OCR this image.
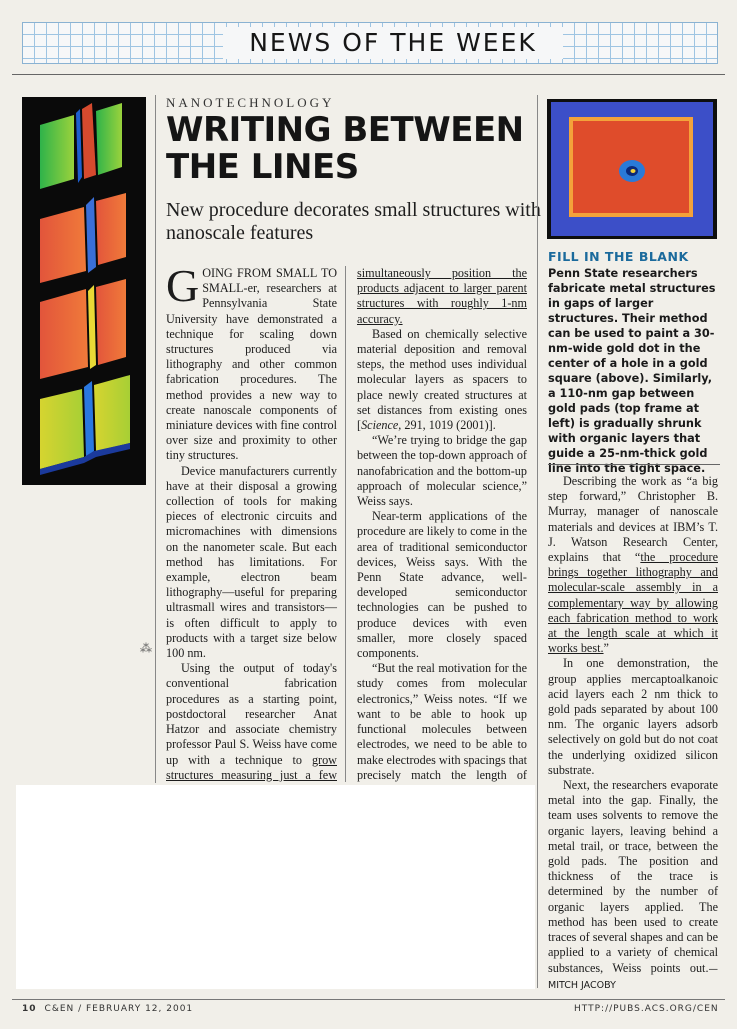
NEWS OF THE WEEK
NANOTECHNOLOGY
WRITING BETWEEN THE LINES
New procedure decorates small structures with nanoscale features

GOING FROM SMALL TO SMALL-er, researchers at Pennsylvania State University have demonstrated a technique for scaling down structures produced via lithography and other common fabrication procedures. The method provides a new way to create nanoscale components of miniature devices with fine control over size and proximity to other tiny structures.

Device manufacturers currently have at their disposal a growing collection of tools for making pieces of electronic circuits and micromachines with dimensions on the nanometer scale. But each method has limitations. For example, electron beam lithography—useful for preparing ultrasmall wires and transistors—is often difficult to apply to products with a target size below 100 nm.

Using the output of today's conventional fabrication procedures as a starting point, postdoctoral researcher Anat Hatzor and associate chemistry professor Paul S. Weiss have come up with a technique to grow structures measuring just a few

⁂

simultaneously position the products adjacent to larger parent structures with roughly 1-nm accuracy.

Based on chemically selective material deposition and removal steps, the method uses individual molecular layers as spacers to place newly created structures at set distances from existing ones [Science, 291, 1019 (2001)].

“We’re trying to bridge the gap between the top-down approach of nanofabrication and the bottom-up approach of molecular science,” Weiss says.

Near-term applications of the procedure are likely to come in the area of traditional semiconductor devices, Weiss says. With the Penn State advance, well-developed semiconductor technologies can be pushed to produce devices with even smaller, more closely spaced components.

“But the real motivation for the study comes from molecular electronics,” Weiss notes. “If we want to be able to hook up functional molecules between electrodes, we need to be able to make electrodes with spacings that precisely match the length of

FILL IN THE BLANK
Penn State researchers fabricate metal structures in gaps of larger structures. Their method can be used to paint a 30-nm-wide gold dot in the center of a hole in a gold square (above). Similarly, a 110-nm gap between gold pads (top frame at left) is gradually shrunk with organic layers that guide a 25-nm-thick gold line into the tight space.

Describing the work as “a big step forward,” Christopher B. Murray, manager of nanoscale materials and devices at IBM’s T. J. Watson Research Center, explains that “the procedure brings together lithography and molecular-scale assembly in a complementary way by allowing each fabrication method to work at the length scale at which it works best.”

In one demonstration, the group applies mercaptoalkanoic acid layers each 2 nm thick to gold pads separated by about 100 nm. The organic layers adsorb selectively on gold but do not coat the underlying oxidized silicon substrate.

Next, the researchers evaporate metal into the gap. Finally, the team uses solvents to remove the organic layers, leaving behind a metal trail, or trace, between the gold pads. The position and thickness of the trace is determined by the number of organic layers applied. The method has been used to create traces of several shapes and can be applied to a variety of chemical substances, Weiss points out.—MITCH JACOBY

10 C&EN / FEBRUARY 12, 2001	HTTP://PUBS.ACS.ORG/CEN
